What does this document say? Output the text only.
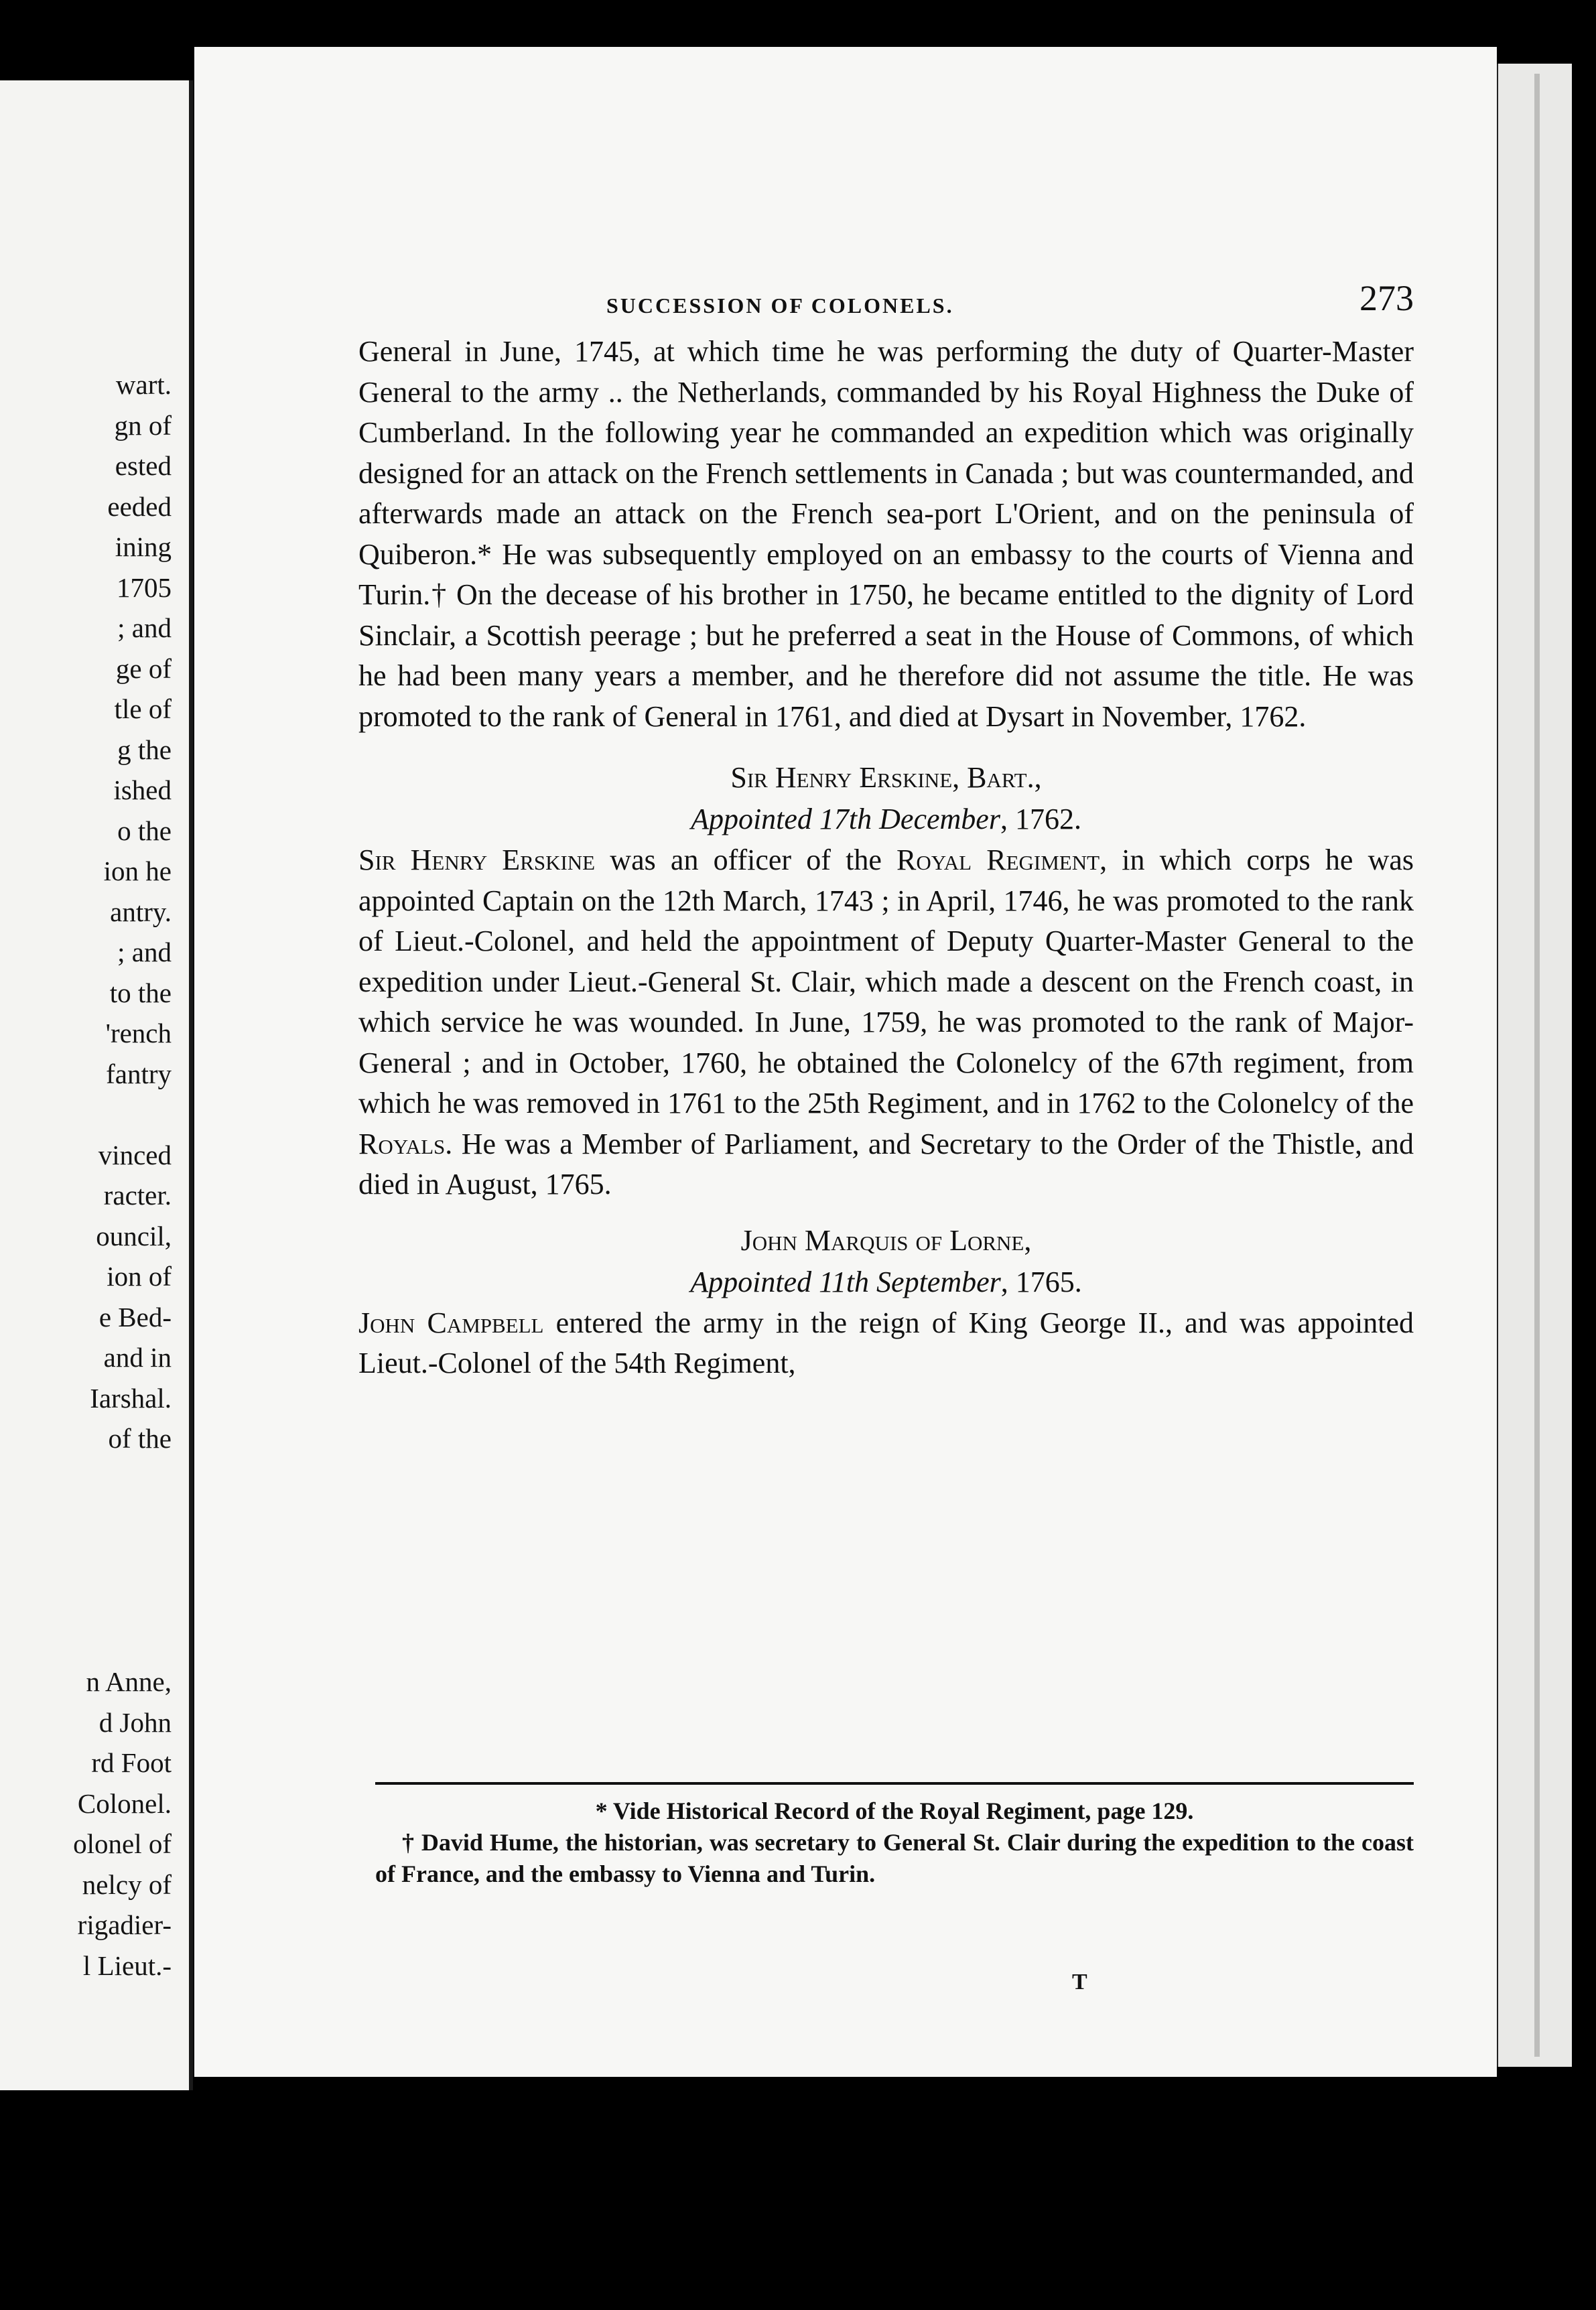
wart.
gn of
ested
eeded
ining
1705
; and
ge of
tle of
g the
ished
o the
ion he
antry.
; and
to the
'rench
fantry
vinced
racter.
ouncil,
ion of
e Bed-
and in
Iarshal.
of the
n Anne,
d John
rd Foot
Colonel.
olonel of
nelcy of
rigadier-
l Lieut.-
SUCCESSION OF COLONELS.	273

General in June, 1745, at which time he was performing the duty of Quarter-Master General to the army .. the Netherlands, commanded by his Royal Highness the Duke of Cumberland. In the following year he commanded an expedition which was originally designed for an attack on the French settlements in Canada ; but was countermanded, and afterwards made an attack on the French sea-port L'Orient, and on the peninsula of Quiberon.* He was subsequently employed on an embassy to the courts of Vienna and Turin.† On the decease of his brother in 1750, he became entitled to the dignity of Lord Sinclair, a Scottish peerage ; but he preferred a seat in the House of Commons, of which he had been many years a member, and he therefore did not assume the title. He was promoted to the rank of General in 1761, and died at Dysart in November, 1762.

Sir Henry Erskine, Bart.,

Appointed 17th December, 1762.

Sir Henry Erskine was an officer of the Royal Regiment, in which corps he was appointed Captain on the 12th March, 1743 ; in April, 1746, he was promoted to the rank of Lieut.-Colonel, and held the appointment of Deputy Quarter-Master General to the expedition under Lieut.-General St. Clair, which made a descent on the French coast, in which service he was wounded. In June, 1759, he was promoted to the rank of Major-General ; and in October, 1760, he obtained the Colonelcy of the 67th regiment, from which he was removed in 1761 to the 25th Regiment, and in 1762 to the Colonelcy of the Royals. He was a Member of Parliament, and Secretary to the Order of the Thistle, and died in August, 1765.

John Marquis of Lorne,

Appointed 11th September, 1765.

John Campbell entered the army in the reign of King George II., and was appointed Lieut.-Colonel of the 54th Regiment,

* Vide Historical Record of the Royal Regiment, page 129.

† David Hume, the historian, was secretary to General St. Clair during the expedition to the coast of France, and the embassy to Vienna and Turin.

T
